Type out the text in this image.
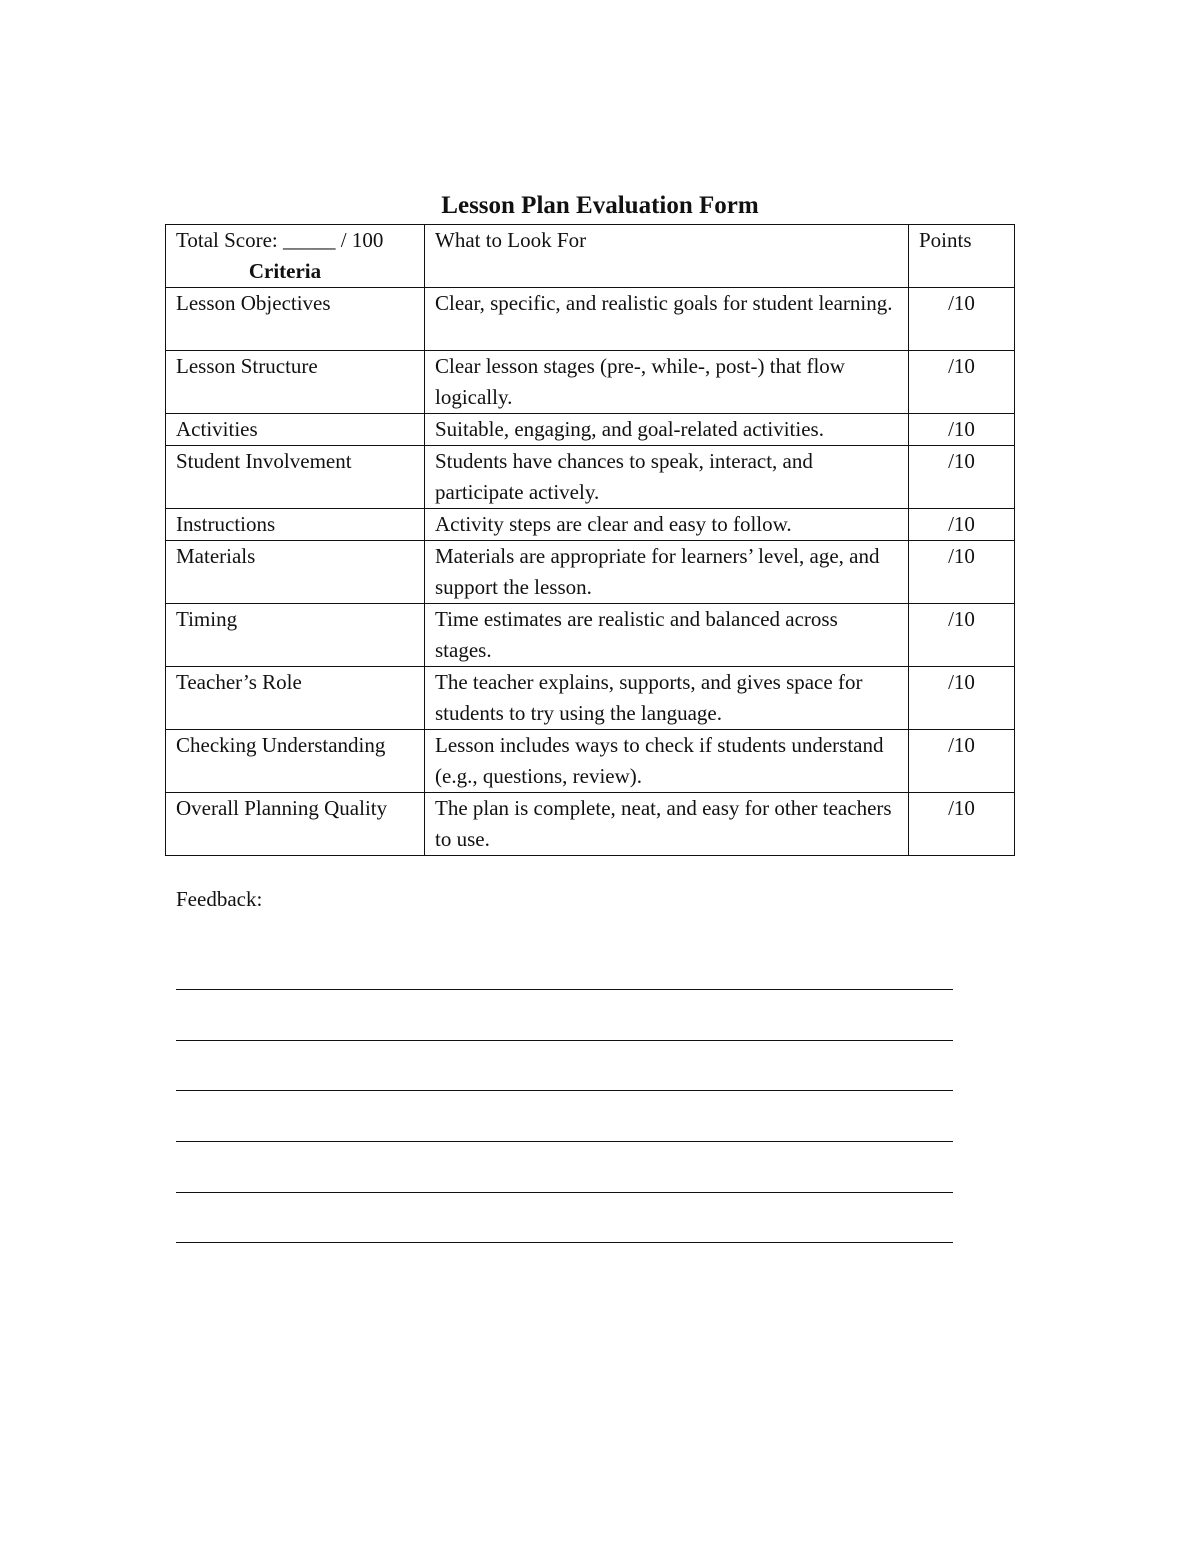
Lesson Plan Evaluation Form
Total Score: _____ / 100
Criteria	What to Look For	Points
Lesson Objectives	Clear, specific, and realistic goals for student learning.	/10
Lesson Structure	Clear lesson stages (pre-, while-, post-) that flow logically.	/10
Activities	Suitable, engaging, and goal-related activities.	/10
Student Involvement	Students have chances to speak, interact, and participate actively.	/10
Instructions	Activity steps are clear and easy to follow.	/10
Materials	Materials are appropriate for learners’ level, age, and support the lesson.	/10
Timing	Time estimates are realistic and balanced across stages.	/10
Teacher’s Role	The teacher explains, supports, and gives space for students to try using the language.	/10
Checking Understanding	Lesson includes ways to check if students understand (e.g., questions, review).	/10
Overall Planning Quality	The plan is complete, neat, and easy for other teachers to use.	/10
Feedback:
